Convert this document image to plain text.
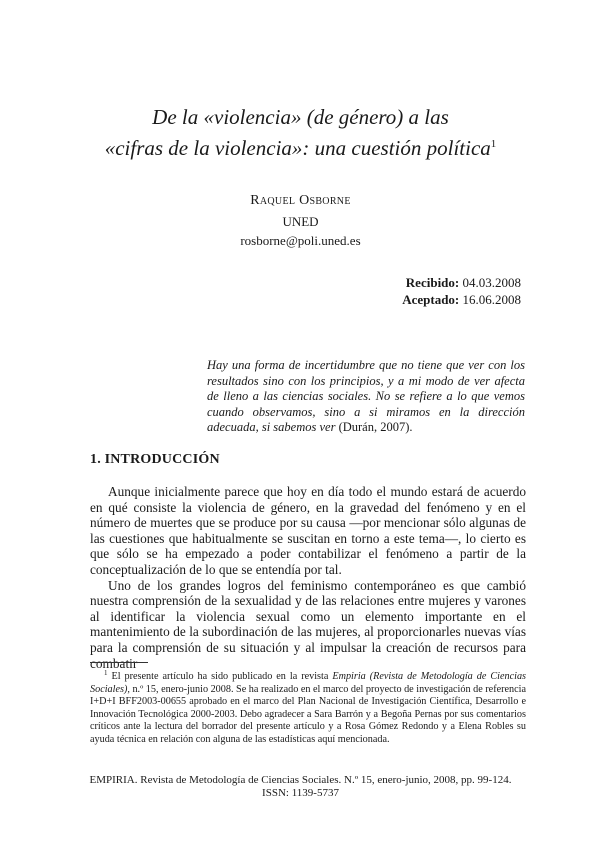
De la «violencia» (de género) a las
«cifras de la violencia»: una cuestión política$^1$
Raquel Osborne
UNED
rosborne@poli.uned.es
Recibido: 04.03.2008
Aceptado: 16.06.2008
Hay una forma de incertidumbre que no tiene que ver con los resultados sino con los principios, y a mi modo de ver afecta de lleno a las ciencias sociales. No se refiere a lo que vemos cuando observamos, sino a si miramos en la dirección adecuada, si sabemos ver (Durán, 2007).
1. INTRODUCCIÓN

Aunque inicialmente parece que hoy en día todo el mundo estará de acuerdo en qué consiste la violencia de género, en la gravedad del fenómeno y en el número de muertes que se produce por su causa —por mencionar sólo algunas de las cuestiones que habitualmente se suscitan en torno a este tema—, lo cierto es que sólo se ha empezado a poder contabilizar el fenómeno a partir de la conceptualización de lo que se entendía por tal.

Uno de los grandes logros del feminismo contemporáneo es que cambió nuestra comprensión de la sexualidad y de las relaciones entre mujeres y varones al identificar la violencia sexual como un elemento importante en el mantenimiento de la subordinación de las mujeres, al proporcionarles nuevas vías para la comprensión de su situación y al impulsar la creación de recursos para combatir

$^1$ El presente artículo ha sido publicado en la revista Empiria (Revista de Metodología de Ciencias Sociales), n.º 15, enero-junio 2008. Se ha realizado en el marco del proyecto de investigación de referencia I+D+I BFF2003-00655 aprobado en el marco del Plan Nacional de Investigación Científica, Desarrollo e Innovación Tecnológica 2000-2003. Debo agradecer a Sara Barrón y a Begoña Pernas por sus comentarios críticos ante la lectura del borrador del presente artículo y a Rosa Gómez Redondo y a Elena Robles su ayuda técnica en relación con alguna de las estadísticas aquí mencionada.

EMPIRIA. Revista de Metodología de Ciencias Sociales. N.º 15, enero-junio, 2008, pp. 99-124.
ISSN: 1139-5737
